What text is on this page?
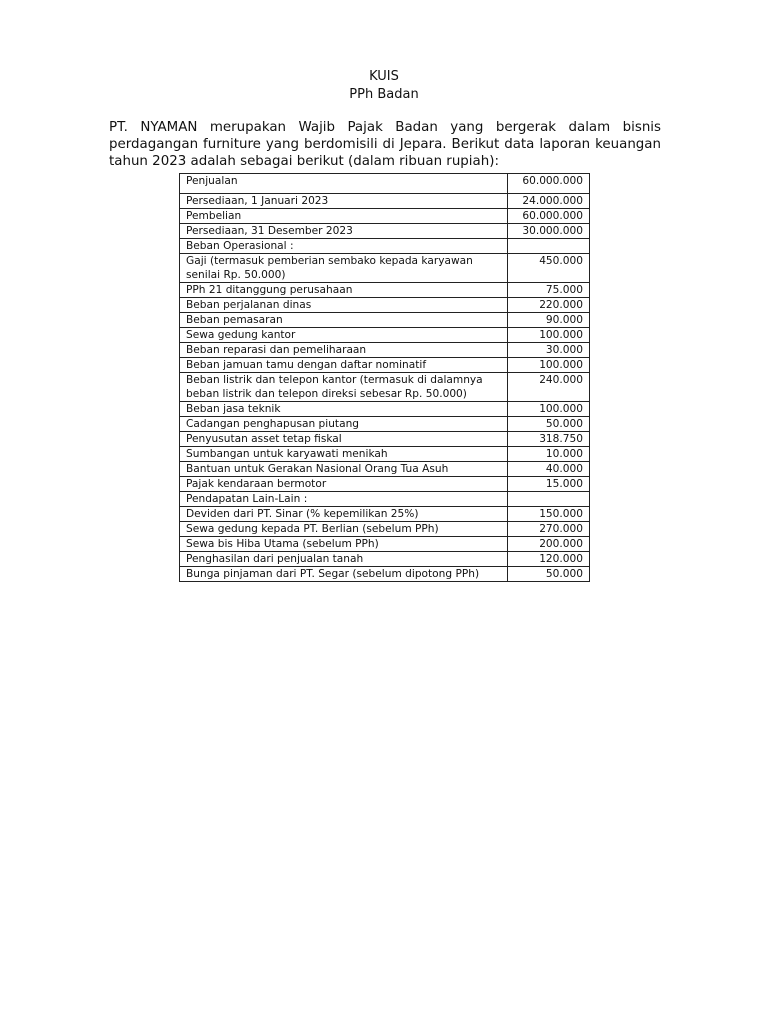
KUIS
PPh Badan
PT. NYAMAN merupakan Wajib Pajak Badan yang bergerak dalam bisnis perdagangan furniture yang berdomisili di Jepara. Berikut data laporan keuangan tahun 2023 adalah sebagai berikut (dalam ribuan rupiah):
Penjualan	60.000.000
Persediaan, 1 Januari 2023	24.000.000
Pembelian	60.000.000
Persediaan, 31 Desember 2023	30.000.000
Beban Operasional :	
Gaji (termasuk pemberian sembako kepada karyawan senilai Rp. 50.000)	450.000
PPh 21 ditanggung perusahaan	75.000
Beban perjalanan dinas	220.000
Beban pemasaran	90.000
Sewa gedung kantor	100.000
Beban reparasi dan pemeliharaan	30.000
Beban jamuan tamu dengan daftar nominatif	100.000
Beban listrik dan telepon kantor (termasuk di dalamnya beban listrik dan telepon direksi sebesar Rp. 50.000)	240.000
Beban jasa teknik	100.000
Cadangan penghapusan piutang	50.000
Penyusutan asset tetap fiskal	318.750
Sumbangan untuk karyawati menikah	10.000
Bantuan untuk Gerakan Nasional Orang Tua Asuh	40.000
Pajak kendaraan bermotor	15.000
Pendapatan Lain-Lain :	
Deviden dari PT. Sinar (% kepemilikan 25%)	150.000
Sewa gedung kepada PT. Berlian (sebelum PPh)	270.000
Sewa bis Hiba Utama (sebelum PPh)	200.000
Penghasilan dari penjualan tanah	120.000
Bunga pinjaman dari PT. Segar (sebelum dipotong PPh)	50.000
